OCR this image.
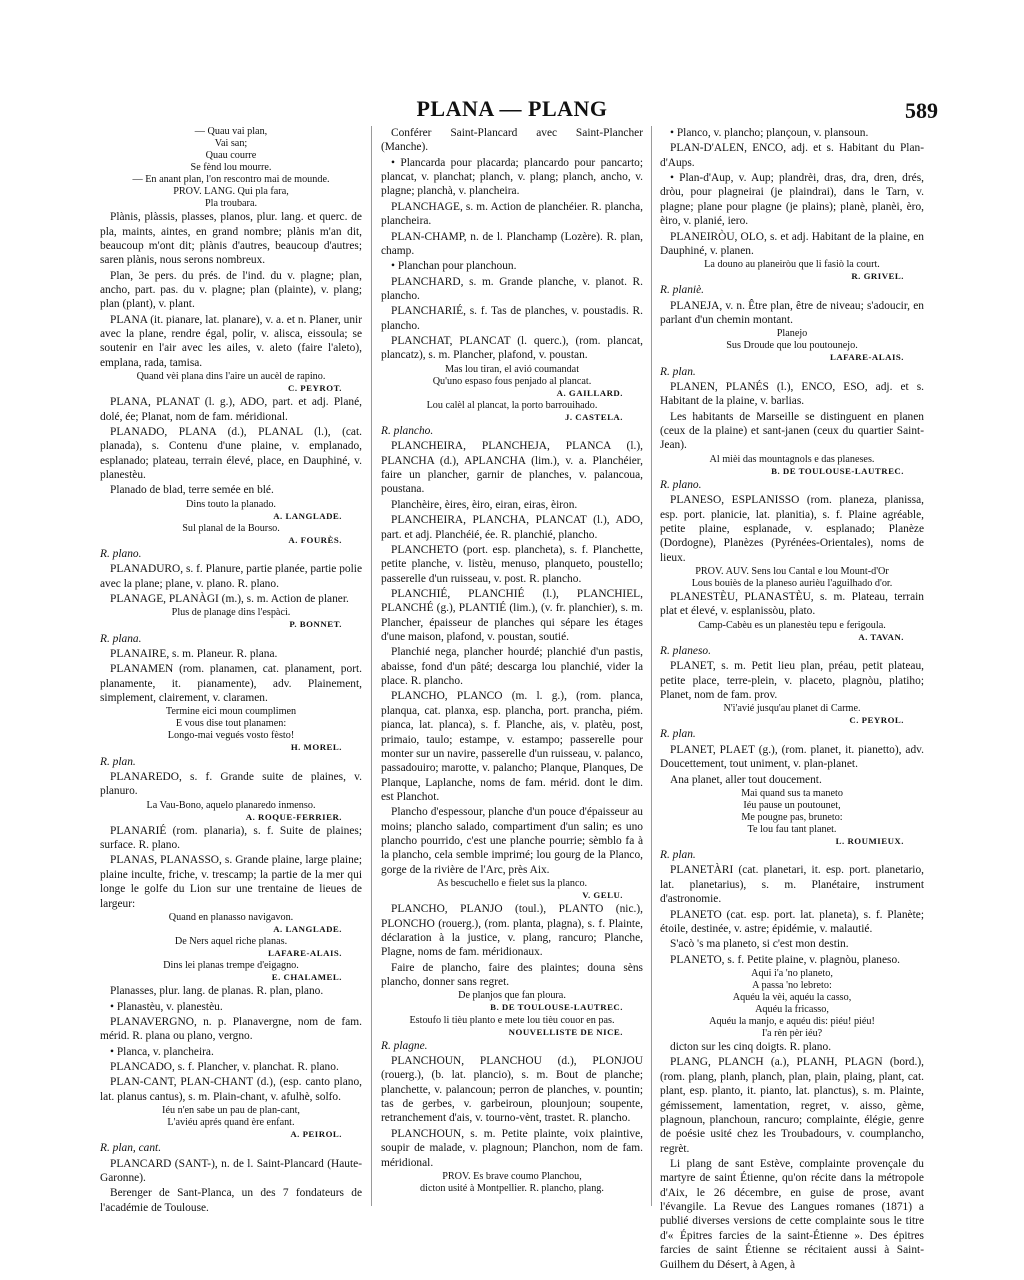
PLANA — PLANG	589
— Quau vai plan,
Vai san;
Quau courre
Se fènd lou mourre.
— En anant plan, l'on rescontro mai de mounde.
PROV. LANG. Qui pla fara,
Pla troubara.
Plànis, plàssis, plasses, planos, plur. lang. et querc. de pla, maints, aintes, en grand nombre; plànis m'an dit, beaucoup m'ont dit; plànis d'autres, beaucoup d'autres; saren plànis, nous serons nombreux.
Plan, 3e pers. du prés. de l'ind. du v. plagne; plan, ancho, part. pas. du v. plagne; plan (plainte), v. plang; plan (plant), v. plant.
PLANA (it. pianare, lat. planare), v. a. et n. Planer, unir avec la plane, rendre égal, polir, v. alisca, eissoula; se soutenir en l'air avec les ailes, v. aleto (faire l'aleto), emplana, rada, tamisa.
Quand vèi plana dins l'aire un aucèl de rapino.
C. PEYROT.
PLANA, PLANAT (l. g.), ADO, part. et adj. Plané, dolé, ée; Planat, nom de fam. méridional.
PLANADO, PLANA (d.), PLANAL (l.), (cat. planada), s. Contenu d'une plaine, v. emplanado, esplanado; plateau, terrain élevé, place, en Dauphiné, v. planestèu.
Planado de blad, terre semée en blé.
Dins touto la planado.
A. LANGLADE.
Sul planal de la Bourso.
A. FOURÈS.
R. plano.
PLANADURO, s. f. Planure, partie planée, partie polie avec la plane; plane, v. plano. R. plano.
PLANAGE, PLANÀGI (m.), s. m. Action de planer.
Plus de planage dins l'espàci.
P. BONNET.
R. plana.
PLANAIRE, s. m. Planeur. R. plana.
PLANAMEN (rom. planamen, cat. planament, port. planamente, it. pianamente), adv. Plainement, simplement, clairement, v. claramen.
Termine eici moun coumplimen
E vous dise tout planamen:
Longo-mai vegués vosto fèsto!
H. MOREL.
R. plan.
PLANAREDO, s. f. Grande suite de plaines, v. planuro.
La Vau-Bono, aquelo planaredo inmenso.
A. ROQUE-FERRIER.
PLANARIÉ (rom. planaria), s. f. Suite de plaines; surface. R. plano.
PLANAS, PLANASSO, s. Grande plaine, large plaine; plaine inculte, friche, v. trescamp; la partie de la mer qui longe le golfe du Lion sur une trentaine de lieues de largeur:
Quand en planasso navigavon.
A. LANGLADE.
De Ners aquel riche planas.
LAFARE-ALAIS.
Dins lei planas trempe d'eigagno.
E. CHALAMEL.
Planasses, plur. lang. de planas. R. plan, plano.
• Planastèu, v. planestèu.
PLANAVERGNO, n. p. Planavergne, nom de fam. mérid. R. plana ou plano, vergno.
• Planca, v. plancheira.
PLANCADO, s. f. Plancher, v. planchat. R. plano.
PLAN-CANT, PLAN-CHANT (d.), (esp. canto plano, lat. planus cantus), s. m. Plain-chant, v. afulhè, solfo.
Iéu n'en sabe un pau de plan-cant,
L'aviéu aprés quand ère enfant.
A. PEIROL.
R. plan, cant.
PLANCARD (SANT-), n. de l. Saint-Plancard (Haute-Garonne).
Berenger de Sant-Planca, un des 7 fondateurs de l'académie de Toulouse.
Conférer Saint-Plancard avec Saint-Plancher (Manche).
• Plancarda pour placarda; plancardo pour pancarto; plancat, v. planchat; planch, v. plang; planch, ancho, v. plagne; planchà, v. plancheira.
PLANCHAGE, s. m. Action de planchéier. R. plancha, plancheira.
PLAN-CHAMP, n. de l. Planchamp (Lozère). R. plan, champ.
• Planchan pour planchoun.
PLANCHARD, s. m. Grande planche, v. planot. R. plancho.
PLANCHARIÉ, s. f. Tas de planches, v. poustadis. R. plancho.
PLANCHAT, PLANCAT (l. querc.), (rom. plancat, plancatz), s. m. Plancher, plafond, v. poustan.
Mas lou tiran, el avió coumandat
Qu'uno espaso fous penjado al plancat.
A. GAILLARD.
Lou calèl al plancat, la porto barrouihado.
J. CASTELA.
R. plancho.
PLANCHEIRA, PLANCHEJA, PLANCA (l.), PLANCHA (d.), APLANCHA (lim.), v. a. Planchéier, faire un plancher, garnir de planches, v. palancoua, poustana.
Planchèire, èires, èiro, eiran, eiras, èiron.
PLANCHEIRA, PLANCHA, PLANCAT (l.), ADO, part. et adj. Planchéié, ée. R. planchié, plancho.
PLANCHETO (port. esp. plancheta), s. f. Planchette, petite planche, v. listèu, menuso, planqueto, poustello; passerelle d'un ruisseau, v. post. R. plancho.
PLANCHIÉ, PLANCHIÉ (l.), PLANCHIEL, PLANCHÉ (g.), PLANTIÉ (lim.), (v. fr. planchier), s. m. Plancher, épaisseur de planches qui sépare les étages d'une maison, plafond, v. poustan, soutié.
Planchié nega, plancher hourdé; planchié d'un pastis, abaisse, fond d'un pâté; descarga lou planchié, vider la place. R. plancho.
PLANCHO, PLANCO (m. l. g.), (rom. planca, planqua, cat. planxa, esp. plancha, port. prancha, piém. pianca, lat. planca), s. f. Planche, ais, v. platèu, post, primaio, taulo; estampe, v. estampo; passerelle pour monter sur un navire, passerelle d'un ruisseau, v. palanco, passadouiro; marotte, v. palancho; Planque, Planques, De Planque, Laplanche, noms de fam. mérid. dont le dim. est Planchot.
Plancho d'espessour, planche d'un pouce d'épaisseur au moins; plancho salado, compartiment d'un salin; es uno plancho pourrido, c'est une planche pourrie; sèmblo fa à la plancho, cela semble imprimé; lou gourg de la Planco, gorge de la rivière de l'Arc, près Aix.
As bescuchello e fielet sus la planco.
V. GELU.
PLANCHO, PLANJO (toul.), PLANTO (nic.), PLONCHO (rouerg.), (rom. planta, plagna), s. f. Plainte, déclaration à la justice, v. plang, rancuro; Planche, Plagne, noms de fam. méridionaux.
Faire de plancho, faire des plaintes; douna sèns plancho, donner sans regret.
De planjos que fan ploura.
B. DE TOULOUSE-LAUTREC.
Estoufo li tièu planto e mete lou tièu couor en pas.
NOUVELLISTE DE NICE.
R. plagne.
PLANCHOUN, PLANCHOU (d.), PLONJOU (rouerg.), (b. lat. plancio), s. m. Bout de planche; planchette, v. palancoun; perron de planches, v. pountin; tas de gerbes, v. garbeiroun, plounjoun; soupente, retranchement d'ais, v. tourno-vènt, trastet. R. plancho.
PLANCHOUN, s. m. Petite plainte, voix plaintive, soupir de malade, v. plagnoun; Planchon, nom de fam. méridional.
PROV. Es brave coumo Planchou,
dicton usité à Montpellier. R. plancho, plang.
• Planco, v. plancho; plançoun, v. plansoun.
PLAN-D'ALEN, ENCO, adj. et s. Habitant du Plan-d'Aups.
• Plan-d'Aup, v. Aup; plandrèi, dras, dra, dren, drés, dròu, pour plagneirai (je plaindrai), dans le Tarn, v. plagne; plane pour plagne (je plains); planè, planèi, èro, èiro, v. planié, iero.
PLANEIRÒU, OLO, s. et adj. Habitant de la plaine, en Dauphiné, v. planen.
La douno au planeiròu que li fasiò la court.
R. GRIVEL.
R. planiè.
PLANEJA, v. n. Être plan, être de niveau; s'adoucir, en parlant d'un chemin montant.
Planejo
Sus Droude que lou poutounejo.
LAFARE-ALAIS.
R. plan.
PLANEN, PLANÉS (l.), ENCO, ESO, adj. et s. Habitant de la plaine, v. barlias.
Les habitants de Marseille se distinguent en planen (ceux de la plaine) et sant-janen (ceux du quartier Saint-Jean).
Al mièi das mountagnols e das planeses.
B. DE TOULOUSE-LAUTREC.
R. plano.
PLANESO, ESPLANISSO (rom. planeza, planissa, esp. port. planicie, lat. planitia), s. f. Plaine agréable, petite plaine, esplanade, v. esplanado; Planèze (Dordogne), Planèzes (Pyrénées-Orientales), noms de lieux.
PROV. AUV. Sens lou Cantal e lou Mount-d'Or
Lous bouiès de la planeso aurièu l'aguilhado d'or.
PLANESTÈU, PLANASTÈU, s. m. Plateau, terrain plat et élevé, v. esplanissòu, plato.
Camp-Cabèu es un planestèu tepu e ferigoula.
A. TAVAN.
R. planeso.
PLANET, s. m. Petit lieu plan, préau, petit plateau, petite place, terre-plein, v. placeto, plagnòu, platiho; Planet, nom de fam. prov.
N'i'avié jusqu'au planet di Carme.
C. PEYROL.
R. plan.
PLANET, PLAET (g.), (rom. planet, it. pianetto), adv. Doucettement, tout uniment, v. plan-planet.
Ana planet, aller tout doucement.
Mai quand sus ta maneto
Iéu pause un poutounet,
Me pougne pas, bruneto:
Te lou fau tant planet.
L. ROUMIEUX.
R. plan.
PLANETÀRI (cat. planetari, it. esp. port. planetario, lat. planetarius), s. m. Planétaire, instrument d'astronomie.
PLANETO (cat. esp. port. lat. planeta), s. f. Planète; étoile, destinée, v. astre; épidémie, v. malautié.
S'acò 's ma planeto, si c'est mon destin.
PLANETO, s. f. Petite plaine, v. plagnòu, planeso.
Aqui i'a 'no planeto,
A passa 'no lebreto:
Aquéu la vèi, aquéu la casso,
Aquéu la fricasso,
Aquéu la manjo, e aquéu dis: piéu! piéu!
I'a rèn pèr iéu?
dicton sur les cinq doigts. R. plano.
PLANG, PLANCH (a.), PLANH, PLAGN (bord.), (rom. plang, planh, planch, plan, plain, plaing, plant, cat. plant, esp. planto, it. pianto, lat. planctus), s. m. Plainte, gémissement, lamentation, regret, v. aisso, gème, plagnoun, planchoun, rancuro; complainte, élégie, genre de poésie usité chez les Troubadours, v. coumplancho, regrèt.
Li plang de sant Estève, complainte provençale du martyre de saint Étienne, qu'on récite dans la métropole d'Aix, le 26 décembre, en guise de prose, avant l'évangile. La Revue des Langues romanes (1871) a publié diverses versions de cette complainte sous le titre d'« Épitres farcies de la saint-Étienne ». Des épitres farcies de saint Étienne se récitaient aussi à Saint-Guilhem du Désert, à Agen, à
